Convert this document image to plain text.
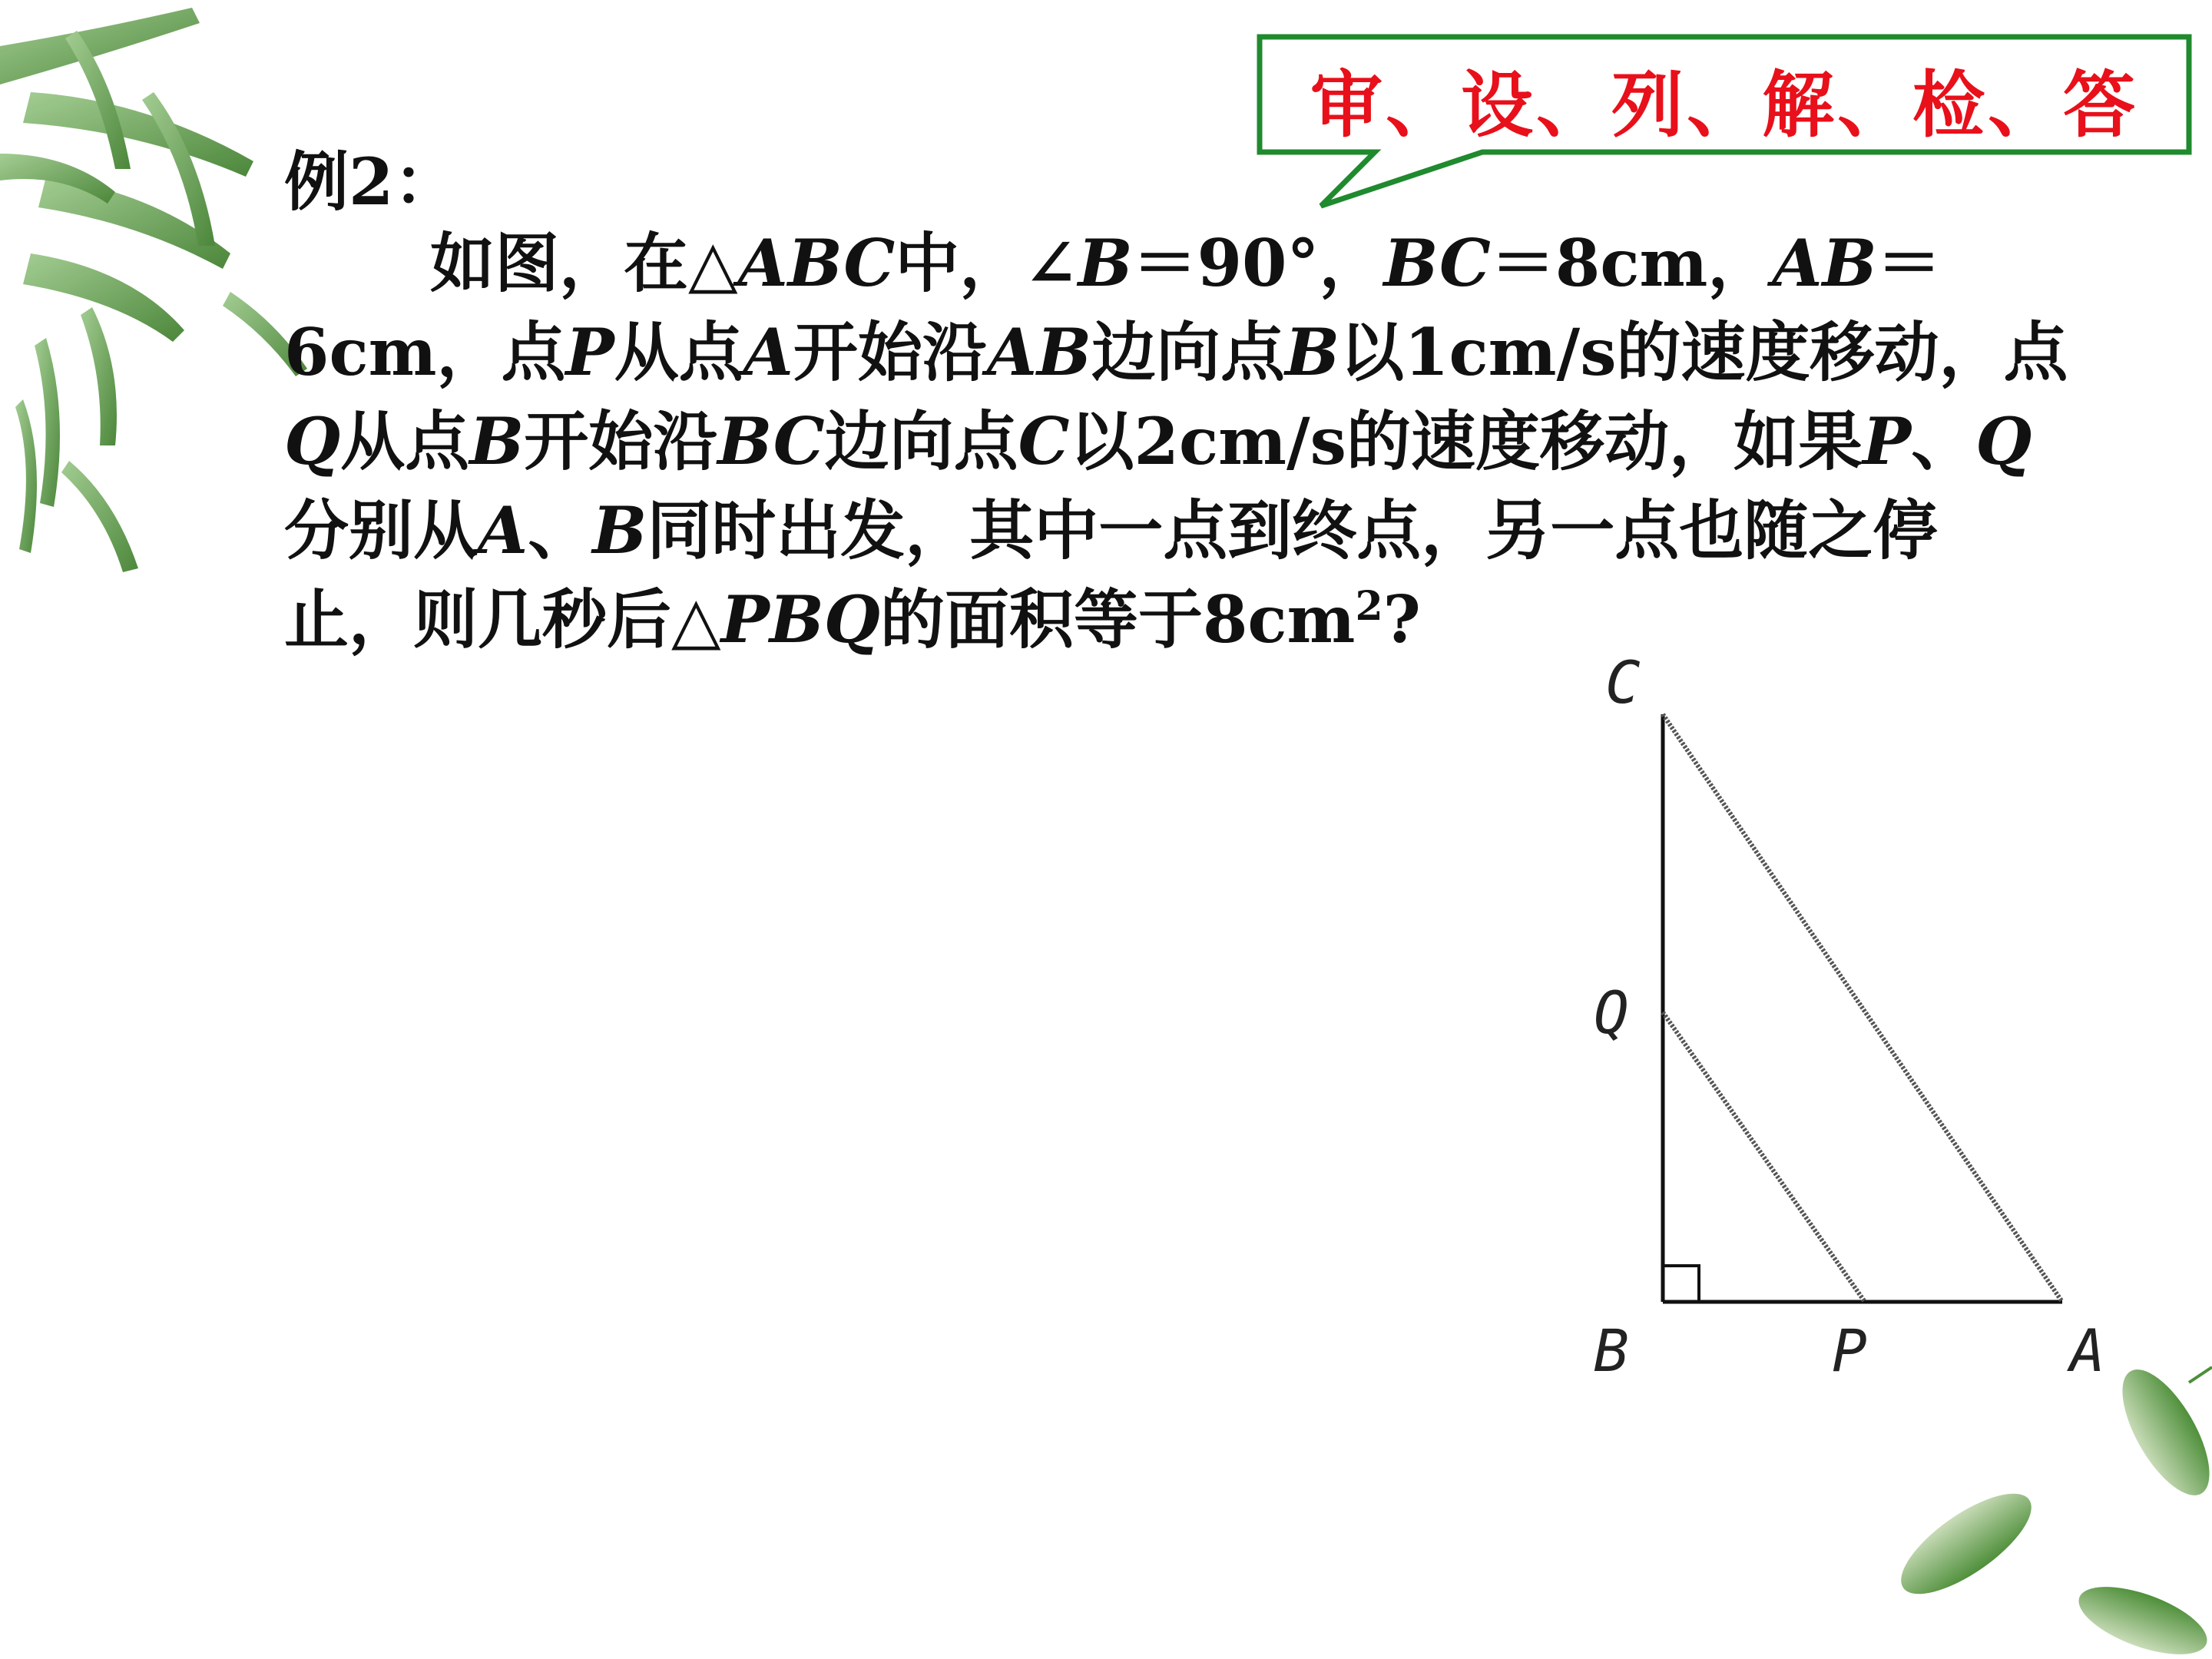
审、设、列、解、检、答
例2：
如图，在△ABC中，∠B＝90°，BC＝8cm，AB＝
6cm，点P从点A开始沿AB边向点B以1cm/s的速度移动，点
Q从点B开始沿BC边向点C以2cm/s的速度移动，如果P、Q
分别从A、B同时出发，其中一点到终点，另一点也随之停
止，则几秒后△PBQ的面积等于$8cm^2$?
C
Q
B	P	A
